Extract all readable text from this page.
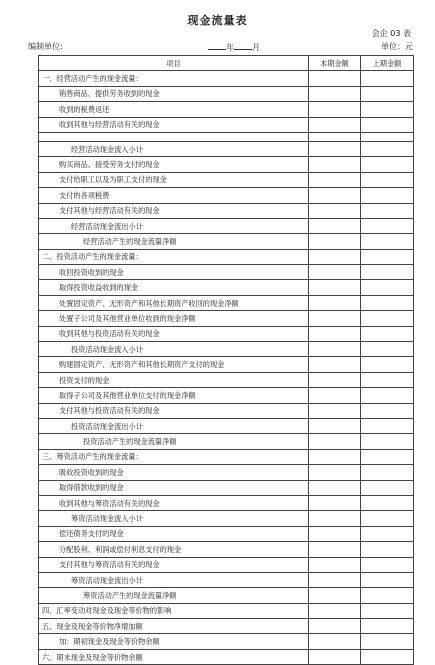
现金流量表
会企 03 表
编制单位:	年 月	单位：元
项目	本期金额	上期金额
一、经营活动产生的现金流量：		
销售商品、提供劳务收到的现金		
收到的税费返还		
收到其他与经营活动有关的现金		

经营活动现金流入小计		
购买商品、接受劳务支付的现金		
支付给职工以及为职工支付的现金		
支付的各项税费		
支付其他与经营活动有关的现金		
经营活动现金流出小计		
经营活动产生的现金流量净额		
二、投资活动产生的现金流量：		
收回投资收到的现金		
取得投资收益收到的现金		
处置固定资产、无形资产和其他长期资产收回的现金净额		
处置子公司及其他营业单位收到的现金净额		
收到其他与投资活动有关的现金		
投资活动现金流入小计		
购建固定资产、无形资产和其他长期资产支付的现金		
投资支付的现金		
取得子公司及其他营业单位支付的现金净额		
支付其他与投资活动有关的现金		
投资活动现金流出小计		
投资活动产生的现金流量净额		
三、筹资活动产生的现金流量：		
吸收投资收到的现金		
取得借款收到的现金		
收到其他与筹资活动有关的现金		
筹资活动现金流入小计		
偿还债务支付的现金		
分配股利、利润或偿付利息支付的现金		
支付其他与筹资活动有关的现金		
筹资活动现金流出小计		
筹资活动产生的现金流量净额		
四、汇率变动对现金及现金等价物的影响		
五、现金及现金等价物净增加额		
加：期初现金及现金等价物余额		
六、期末现金及现金等价物余额		
